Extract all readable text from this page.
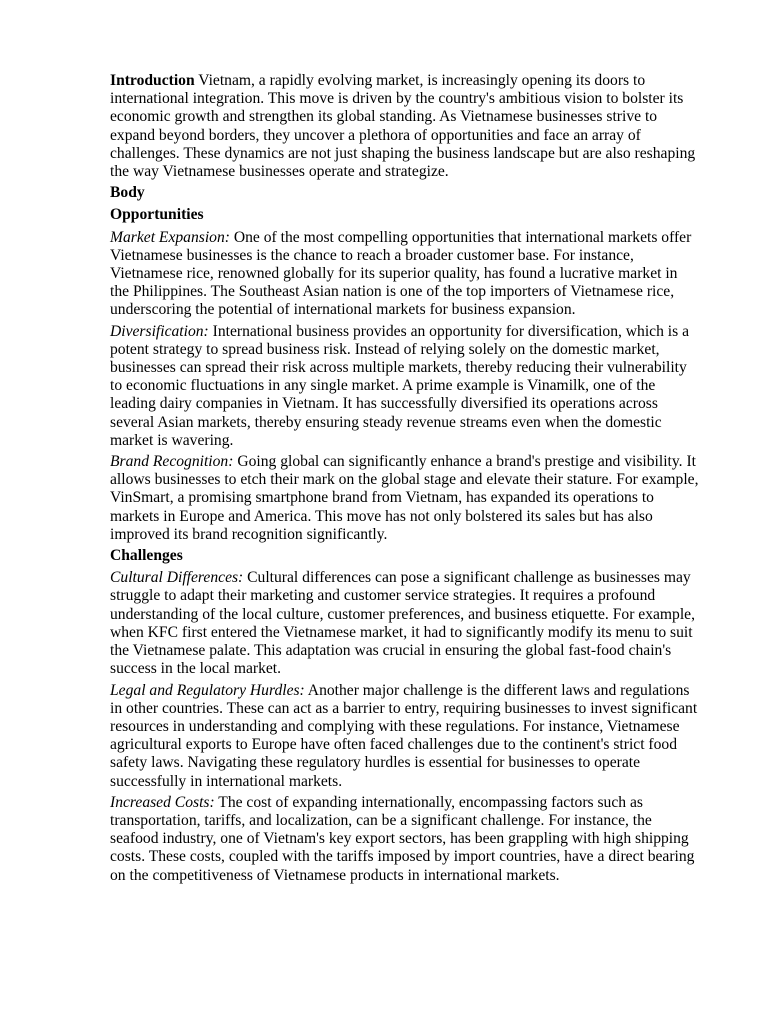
Introduction Vietnam, a rapidly evolving market, is increasingly opening its doors to international integration. This move is driven by the country's ambitious vision to bolster its economic growth and strengthen its global standing. As Vietnamese businesses strive to expand beyond borders, they uncover a plethora of opportunities and face an array of challenges. These dynamics are not just shaping the business landscape but are also reshaping the way Vietnamese businesses operate and strategize.

Body

Opportunities

Market Expansion: One of the most compelling opportunities that international markets offer Vietnamese businesses is the chance to reach a broader customer base. For instance, Vietnamese rice, renowned globally for its superior quality, has found a lucrative market in the Philippines. The Southeast Asian nation is one of the top importers of Vietnamese rice, underscoring the potential of international markets for business expansion.

Diversification: International business provides an opportunity for diversification, which is a potent strategy to spread business risk. Instead of relying solely on the domestic market, businesses can spread their risk across multiple markets, thereby reducing their vulnerability to economic fluctuations in any single market. A prime example is Vinamilk, one of the leading dairy companies in Vietnam. It has successfully diversified its operations across several Asian markets, thereby ensuring steady revenue streams even when the domestic market is wavering.

Brand Recognition: Going global can significantly enhance a brand's prestige and visibility. It allows businesses to etch their mark on the global stage and elevate their stature. For example, VinSmart, a promising smartphone brand from Vietnam, has expanded its operations to markets in Europe and America. This move has not only bolstered its sales but has also improved its brand recognition significantly.

Challenges

Cultural Differences: Cultural differences can pose a significant challenge as businesses may struggle to adapt their marketing and customer service strategies. It requires a profound understanding of the local culture, customer preferences, and business etiquette. For example, when KFC first entered the Vietnamese market, it had to significantly modify its menu to suit the Vietnamese palate. This adaptation was crucial in ensuring the global fast-food chain's success in the local market.

Legal and Regulatory Hurdles: Another major challenge is the different laws and regulations in other countries. These can act as a barrier to entry, requiring businesses to invest significant resources in understanding and complying with these regulations. For instance, Vietnamese agricultural exports to Europe have often faced challenges due to the continent's strict food safety laws. Navigating these regulatory hurdles is essential for businesses to operate successfully in international markets.

Increased Costs: The cost of expanding internationally, encompassing factors such as transportation, tariffs, and localization, can be a significant challenge. For instance, the seafood industry, one of Vietnam's key export sectors, has been grappling with high shipping costs. These costs, coupled with the tariffs imposed by import countries, have a direct bearing on the competitiveness of Vietnamese products in international markets.
